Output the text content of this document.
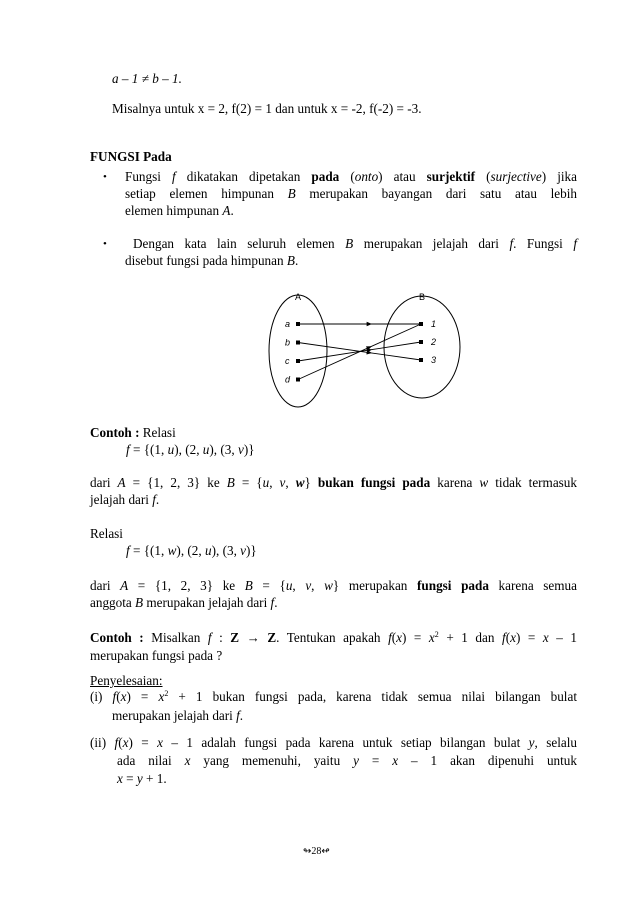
a – 1 ≠ b – 1.
Misalnya untuk x = 2, f(2) = 1 dan untuk x = -2, f(-2) = -3.
FUNGSI Pada
• Fungsi f dikatakan dipetakan pada (onto) atau surjektif (surjective) jika
setiap elemen himpunan B merupakan bayangan dari satu atau lebih
elemen himpunan A.
• Dengan kata lain seluruh elemen B merupakan jelajah dari f. Fungsi f
disebut fungsi pada himpunan B.
A	B
a
b
c
d
1
2
3
Contoh : Relasi
f = {(1, u), (2, u), (3, v)}
dari A = {1, 2, 3} ke B = {u, v, w} bukan fungsi pada karena w tidak termasuk
jelajah dari f.
Relasi
f = {(1, w), (2, u), (3, v)}
dari A = {1, 2, 3} ke B = {u, v, w} merupakan fungsi pada karena semua
anggota B merupakan jelajah dari f.
Contoh : Misalkan f : Z → Z. Tentukan apakah $f(x) = x^2 + 1$ dan f(x) = x – 1
merupakan fungsi pada ?
Penyelesaian:
(i) $f(x) = x^2 + 1$ bukan fungsi pada, karena tidak semua nilai bilangan bulat
merupakan jelajah dari f.
(ii) f(x) = x – 1 adalah fungsi pada karena untuk setiap bilangan bulat y, selalu
ada nilai x yang memenuhi, yaitu y = x – 1 akan dipenuhi untuk
x = y + 1.
↬28↫
